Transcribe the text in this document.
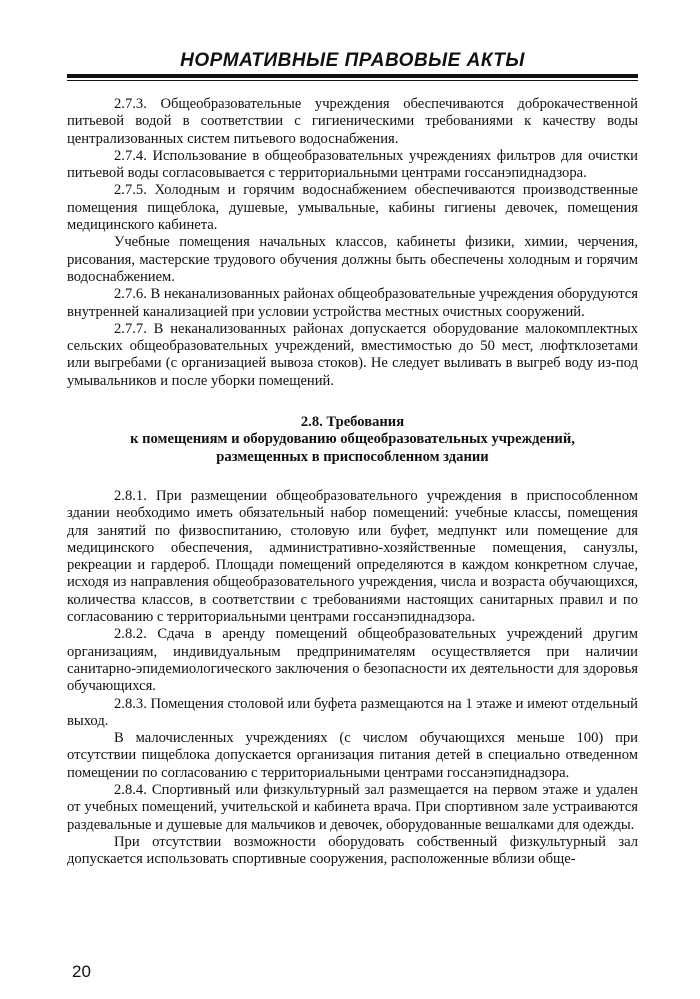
НОРМАТИВНЫЕ ПРАВОВЫЕ АКТЫ

2.7.3. Общеобразовательные учреждения обеспечиваются доброкачественной питьевой водой в соответствии с гигиеническими требованиями к качеству воды централизованных систем питьевого водоснабжения.

2.7.4. Использование в общеобразовательных учреждениях фильтров для очистки питьевой воды согласовывается с территориальными центрами госсанэпиднадзора.

2.7.5. Холодным и горячим водоснабжением обеспечиваются производственные помещения пищеблока, душевые, умывальные, кабины гигиены девочек, помещения медицинского кабинета.

Учебные помещения начальных классов, кабинеты физики, химии, черчения, рисования, мастерские трудового обучения должны быть обеспечены холодным и горячим водоснабжением.

2.7.6. В неканализованных районах общеобразовательные учреждения оборудуются внутренней канализацией при условии устройства местных очистных сооружений.

2.7.7. В неканализованных районах допускается оборудование малокомплектных сельских общеобразовательных учреждений, вместимостью до 50 мест, люфтклозетами или выгребами (с организацией вывоза стоков). Не следует выливать в выгреб воду из-под умывальников и после уборки помещений.

2.8. Требования
к помещениям и оборудованию общеобразовательных учреждений,
размещенных в приспособленном здании

2.8.1. При размещении общеобразовательного учреждения в приспособленном здании необходимо иметь обязательный набор помещений: учебные классы, помещения для занятий по физвоспитанию, столовую или буфет, медпункт или помещение для медицинского обеспечения, административно-хозяйственные помещения, санузлы, рекреации и гардероб. Площади помещений определяются в каждом конкретном случае, исходя из направления общеобразовательного учреждения, числа и возраста обучающихся, количества классов, в соответствии с требованиями настоящих санитарных правил и по согласованию с территориальными центрами госсанэпиднадзора.

2.8.2. Сдача в аренду помещений общеобразовательных учреждений другим организациям, индивидуальным предпринимателям осуществляется при наличии санитарно-эпидемиологического заключения о безопасности их деятельности для здоровья обучающихся.

2.8.3. Помещения столовой или буфета размещаются на 1 этаже и имеют отдельный выход.

В малочисленных учреждениях (с числом обучающихся меньше 100) при отсутствии пищеблока допускается организация питания детей в специально отведенном помещении по согласованию с территориальными центрами госсанэпиднадзора.

2.8.4. Спортивный или физкультурный зал размещается на первом этаже и удален от учебных помещений, учительской и кабинета врача. При спортивном зале устраиваются раздевальные и душевые для мальчиков и девочек, оборудованные вешалками для одежды.

При отсутствии возможности оборудовать собственный физкультурный зал допускается использовать спортивные сооружения, расположенные вблизи обще-

20
